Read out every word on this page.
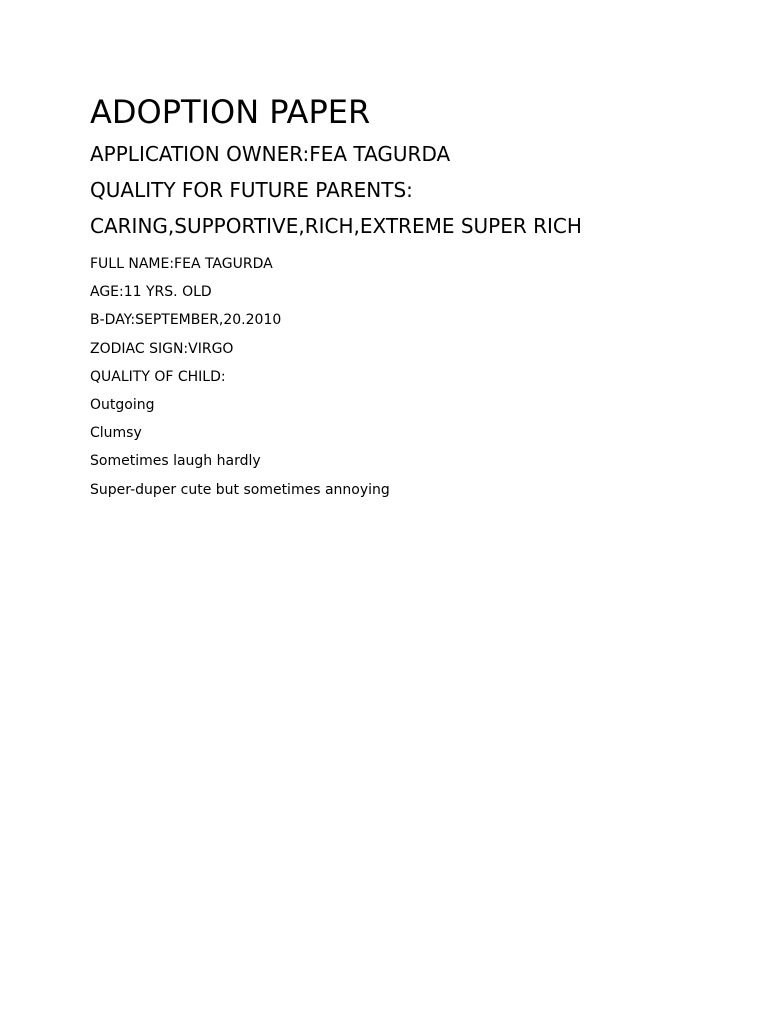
ADOPTION PAPER

APPLICATION OWNER:FEA TAGURDA

QUALITY FOR FUTURE PARENTS:

CARING,SUPPORTIVE,RICH,EXTREME SUPER RICH

FULL NAME:FEA TAGURDA

AGE:11 YRS. OLD

B-DAY:SEPTEMBER,20.2010

ZODIAC SIGN:VIRGO

QUALITY OF CHILD:

Outgoing

Clumsy

Sometimes laugh hardly

Super-duper cute but sometimes annoying
